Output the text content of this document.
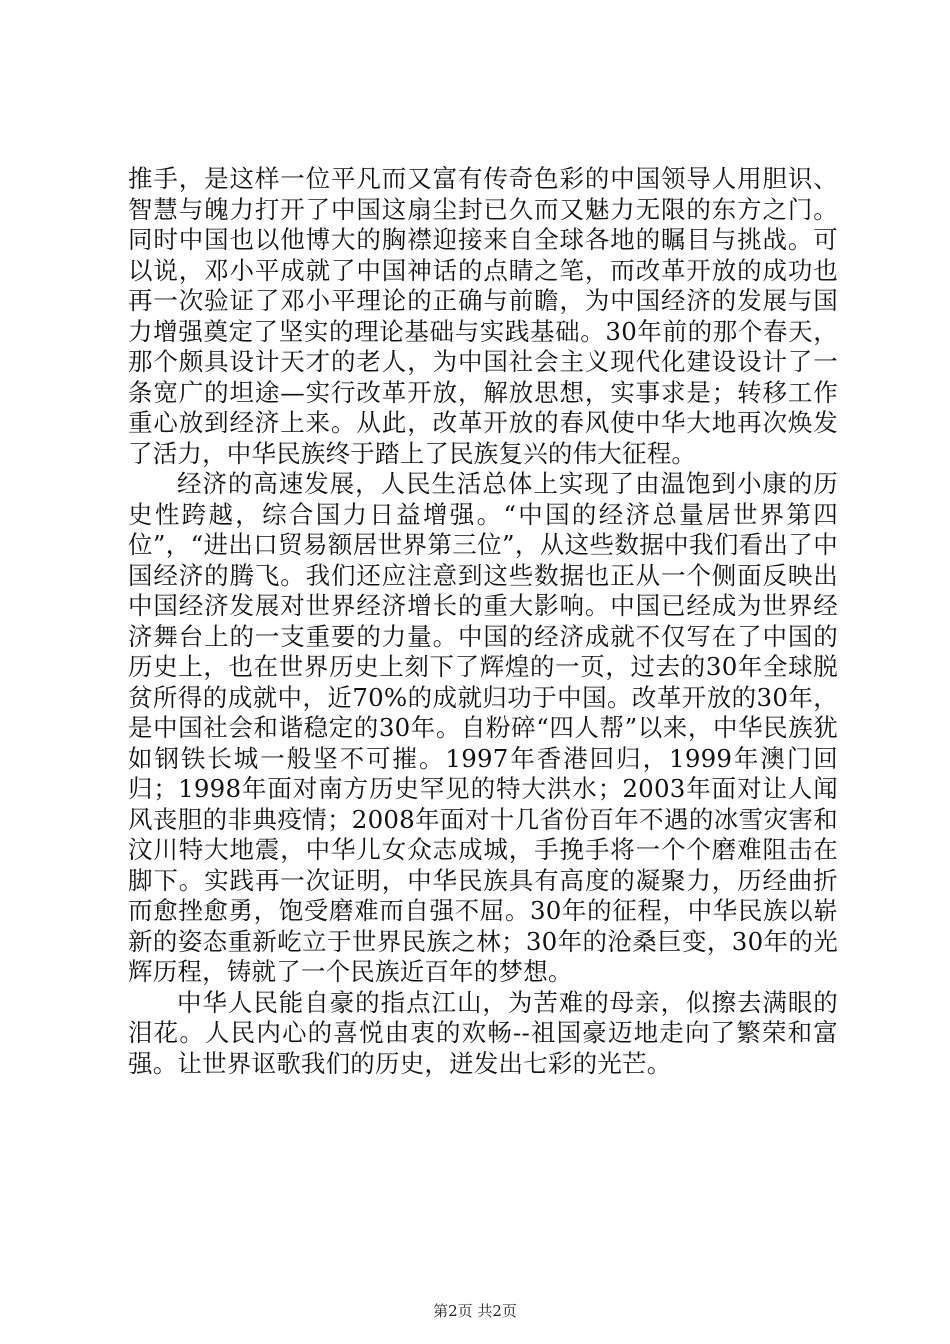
推手，是这样一位平凡而又富有传奇色彩的中国领导人用胆识、智慧与魄力打开了中国这扇尘封已久而又魅力无限的东方之门。同时中国也以他博大的胸襟迎接来自全球各地的瞩目与挑战。可以说，邓小平成就了中国神话的点睛之笔，而改革开放的成功也再一次验证了邓小平理论的正确与前瞻，为中国经济的发展与国力增强奠定了坚实的理论基础与实践基础。30年前的那个春天，那个颇具设计天才的老人，为中国社会主义现代化建设设计了一条宽广的坦途—实行改革开放，解放思想，实事求是；转移工作重心放到经济上来。从此，改革开放的春风使中华大地再次焕发了活力，中华民族终于踏上了民族复兴的伟大征程。

经济的高速发展，人民生活总体上实现了由温饱到小康的历史性跨越，综合国力日益增强。“中国的经济总量居世界第四位”，“进出口贸易额居世界第三位”，从这些数据中我们看出了中国经济的腾飞。我们还应注意到这些数据也正从一个侧面反映出中国经济发展对世界经济增长的重大影响。中国已经成为世界经济舞台上的一支重要的力量。中国的经济成就不仅写在了中国的历史上，也在世界历史上刻下了辉煌的一页，过去的30年全球脱贫所得的成就中，近70%的成就归功于中国。改革开放的30年，是中国社会和谐稳定的30年。自粉碎“四人帮”以来，中华民族犹如钢铁长城一般坚不可摧。1997年香港回归，1999年澳门回归；1998年面对南方历史罕见的特大洪水；2003年面对让人闻风丧胆的非典疫情；2008年面对十几省份百年不遇的冰雪灾害和汶川特大地震，中华儿女众志成城，手挽手将一个个磨难阻击在脚下。实践再一次证明，中华民族具有高度的凝聚力，历经曲折而愈挫愈勇，饱受磨难而自强不屈。30年的征程，中华民族以崭新的姿态重新屹立于世界民族之林；30年的沧桑巨变，30年的光辉历程，铸就了一个民族近百年的梦想。

中华人民能自豪的指点江山，为苦难的母亲，似擦去满眼的泪花。人民内心的喜悦由衷的欢畅--祖国豪迈地走向了繁荣和富强。让世界讴歌我们的历史，迸发出七彩的光芒。

第2页 共2页
